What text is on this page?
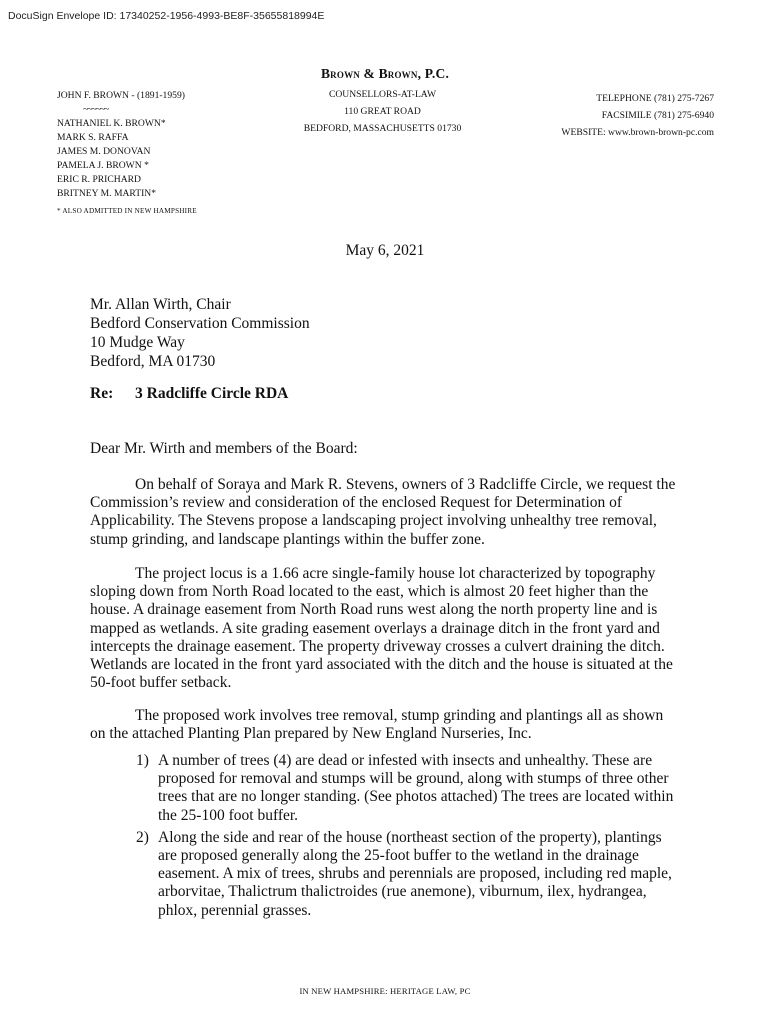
DocuSign Envelope ID: 17340252-1956-4993-BE8F-35655818994E
Brown & Brown, P.C.
COUNSELLORS-AT-LAW
110 GREAT ROAD
BEDFORD, MASSACHUSETTS 01730
TELEPHONE (781) 275-7267
FACSIMILE (781) 275-6940
WEBSITE: www.brown-brown-pc.com
JOHN F. BROWN - (1891-1959)
~~~~~~
NATHANIEL K. BROWN*
MARK S. RAFFA
JAMES M. DONOVAN
PAMELA J. BROWN *
ERIC R. PRICHARD
BRITNEY M. MARTIN*
* ALSO ADMITTED IN NEW HAMPSHIRE
May 6, 2021
Mr. Allan Wirth, Chair
Bedford Conservation Commission
10 Mudge Way
Bedford, MA 01730
Re: 3 Radcliffe Circle RDA
Dear Mr. Wirth and members of the Board:

On behalf of Soraya and Mark R. Stevens, owners of 3 Radcliffe Circle, we request the Commission’s review and consideration of the enclosed Request for Determination of Applicability. The Stevens propose a landscaping project involving unhealthy tree removal, stump grinding, and landscape plantings within the buffer zone.

The project locus is a 1.66 acre single-family house lot characterized by topography sloping down from North Road located to the east, which is almost 20 feet higher than the house. A drainage easement from North Road runs west along the north property line and is mapped as wetlands. A site grading easement overlays a drainage ditch in the front yard and intercepts the drainage easement. The property driveway crosses a culvert draining the ditch. Wetlands are located in the front yard associated with the ditch and the house is situated at the 50-foot buffer setback.

The proposed work involves tree removal, stump grinding and plantings all as shown on the attached Planting Plan prepared by New England Nurseries, Inc.

1) A number of trees (4) are dead or infested with insects and unhealthy. These are proposed for removal and stumps will be ground, along with stumps of three other trees that are no longer standing. (See photos attached) The trees are located within the 25-100 foot buffer.
2) Along the side and rear of the house (northeast section of the property), plantings are proposed generally along the 25-foot buffer to the wetland in the drainage easement. A mix of trees, shrubs and perennials are proposed, including red maple, arborvitae, Thalictrum thalictroides (rue anemone), viburnum, ilex, hydrangea, phlox, perennial grasses.
IN NEW HAMPSHIRE: HERITAGE LAW, PC
